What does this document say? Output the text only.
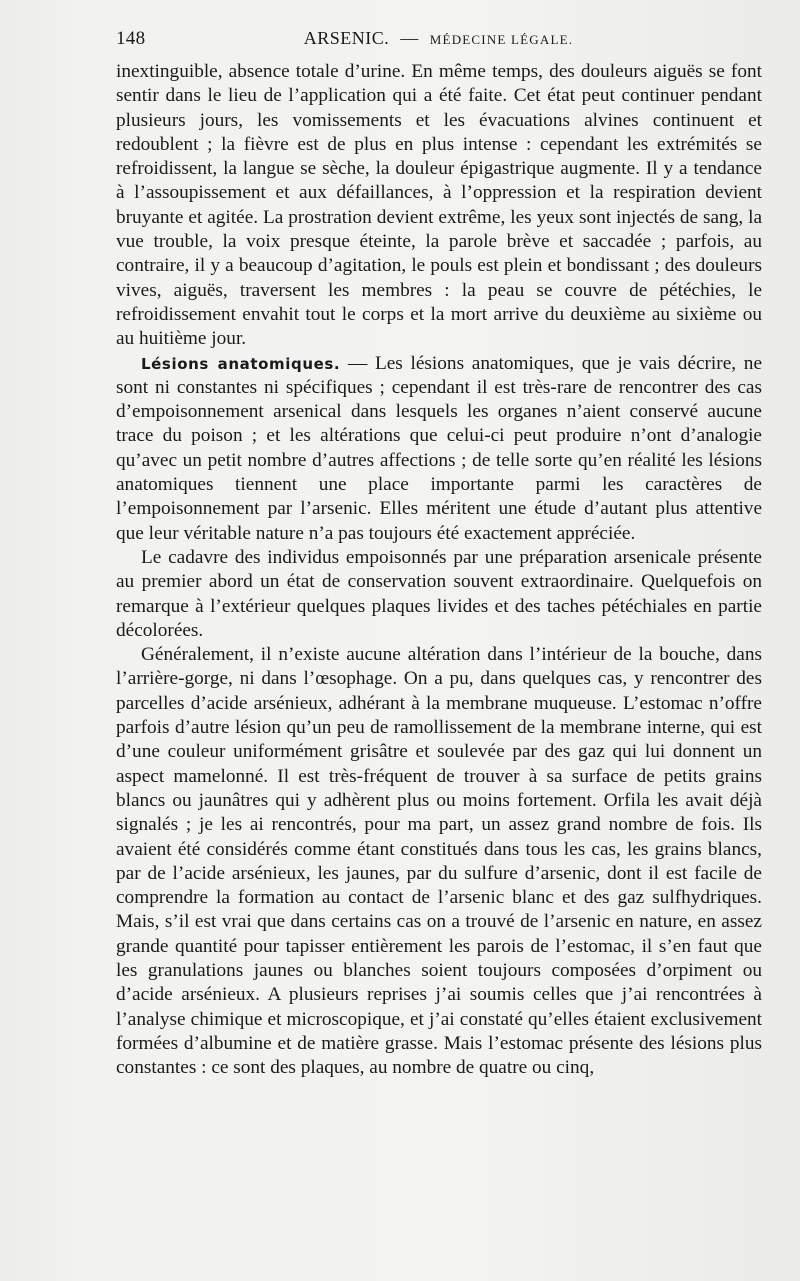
148	ARSENIC. — MÉDECINE LÉGALE.

inextinguible, absence totale d’urine. En même temps, des douleurs aiguës se font sentir dans le lieu de l’application qui a été faite. Cet état peut continuer pendant plusieurs jours, les vomissements et les évacuations alvines continuent et redoublent ; la fièvre est de plus en plus intense : cependant les extrémités se refroidissent, la langue se sèche, la douleur épigastrique augmente. Il y a tendance à l’assoupissement et aux défaillances, à l’oppression et la respiration devient bruyante et agitée. La prostration devient extrême, les yeux sont injectés de sang, la vue trouble, la voix presque éteinte, la parole brève et saccadée ; parfois, au contraire, il y a beaucoup d’agitation, le pouls est plein et bondissant ; des douleurs vives, aiguës, traversent les membres : la peau se couvre de pétéchies, le refroidissement envahit tout le corps et la mort arrive du deuxième au sixième ou au huitième jour.

Lésions anatomiques. — Les lésions anatomiques, que je vais décrire, ne sont ni constantes ni spécifiques ; cependant il est très-rare de rencontrer des cas d’empoisonnement arsenical dans lesquels les organes n’aient conservé aucune trace du poison ; et les altérations que celui-ci peut produire n’ont d’analogie qu’avec un petit nombre d’autres affections ; de telle sorte qu’en réalité les lésions anatomiques tiennent une place importante parmi les caractères de l’empoisonnement par l’arsenic. Elles méritent une étude d’autant plus attentive que leur véritable nature n’a pas toujours été exactement appréciée.

Le cadavre des individus empoisonnés par une préparation arsenicale présente au premier abord un état de conservation souvent extraordinaire. Quelquefois on remarque à l’extérieur quelques plaques livides et des taches pétéchiales en partie décolorées.

Généralement, il n’existe aucune altération dans l’intérieur de la bouche, dans l’arrière-gorge, ni dans l’œsophage. On a pu, dans quelques cas, y rencontrer des parcelles d’acide arsénieux, adhérant à la membrane muqueuse. L’estomac n’offre parfois d’autre lésion qu’un peu de ramollissement de la membrane interne, qui est d’une couleur uniformément grisâtre et soulevée par des gaz qui lui donnent un aspect mamelonné. Il est très-fréquent de trouver à sa surface de petits grains blancs ou jaunâtres qui y adhèrent plus ou moins fortement. Orfila les avait déjà signalés ; je les ai rencontrés, pour ma part, un assez grand nombre de fois. Ils avaient été considérés comme étant constitués dans tous les cas, les grains blancs, par de l’acide arsénieux, les jaunes, par du sulfure d’arsenic, dont il est facile de comprendre la formation au contact de l’arsenic blanc et des gaz sulfhydriques. Mais, s’il est vrai que dans certains cas on a trouvé de l’arsenic en nature, en assez grande quantité pour tapisser entièrement les parois de l’estomac, il s’en faut que les granulations jaunes ou blanches soient toujours composées d’orpiment ou d’acide arsénieux. A plusieurs reprises j’ai soumis celles que j’ai rencontrées à l’analyse chimique et microscopique, et j’ai constaté qu’elles étaient exclusivement formées d’albumine et de matière grasse. Mais l’estomac présente des lésions plus constantes : ce sont des plaques, au nombre de quatre ou cinq,
